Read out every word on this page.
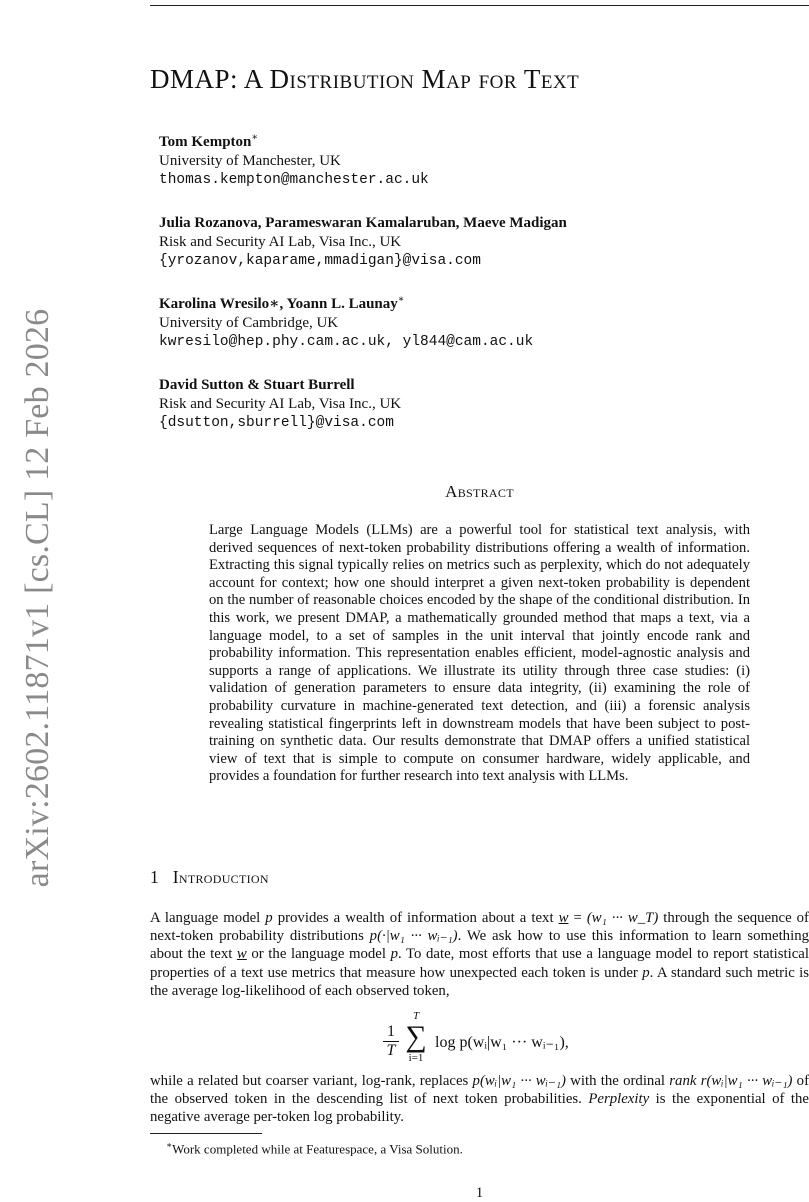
arXiv:2602.11871v1 [cs.CL] 12 Feb 2026
DMAP: A Distribution Map for Text
Tom Kempton∗
University of Manchester, UK
thomas.kempton@manchester.ac.uk
Julia Rozanova, Parameswaran Kamalaruban, Maeve Madigan
Risk and Security AI Lab, Visa Inc., UK
{yrozanov,kaparame,mmadigan}@visa.com
Karolina Wresilo∗, Yoann L. Launay∗
University of Cambridge, UK
kwresilo@hep.phy.cam.ac.uk, yl844@cam.ac.uk
David Sutton & Stuart Burrell
Risk and Security AI Lab, Visa Inc., UK
{dsutton,sburrell}@visa.com
Abstract
Large Language Models (LLMs) are a powerful tool for statistical text analysis, with derived sequences of next-token probability distributions offering a wealth of information. Extracting this signal typically relies on metrics such as perplexity, which do not adequately account for context; how one should interpret a given next-token probability is dependent on the number of reasonable choices encoded by the shape of the conditional distribution. In this work, we present DMAP, a mathematically grounded method that maps a text, via a language model, to a set of samples in the unit interval that jointly encode rank and probability information. This representation enables efficient, model-agnostic analysis and supports a range of applications. We illustrate its utility through three case studies: (i) validation of generation parameters to ensure data integrity, (ii) examining the role of probability curvature in machine-generated text detection, and (iii) a forensic analysis revealing statistical fingerprints left in downstream models that have been subject to post-training on synthetic data. Our results demonstrate that DMAP offers a unified statistical view of text that is simple to compute on consumer hardware, widely applicable, and provides a foundation for further research into text analysis with LLMs.
1 Introduction
A language model p provides a wealth of information about a text w = (w₁ ··· w_T) through the sequence of next-token probability distributions p(·|w₁ ··· wᵢ₋₁). We ask how to use this information to learn something about the text w or the language model p. To date, most efforts that use a language model to report statistical properties of a text use metrics that measure how unexpected each token is under p. A standard such metric is the average log-likelihood of each observed token,
1
T
T
∑
i=1
log p(wᵢ|w₁ ··· wᵢ₋₁),
while a related but coarser variant, log-rank, replaces p(wᵢ|w₁ ··· wᵢ₋₁) with the ordinal rank r(wᵢ|w₁ ··· wᵢ₋₁) of the observed token in the descending list of next token probabilities. Perplexity is the exponential of the negative average per-token log probability.
∗Work completed while at Featurespace, a Visa Solution.
1
